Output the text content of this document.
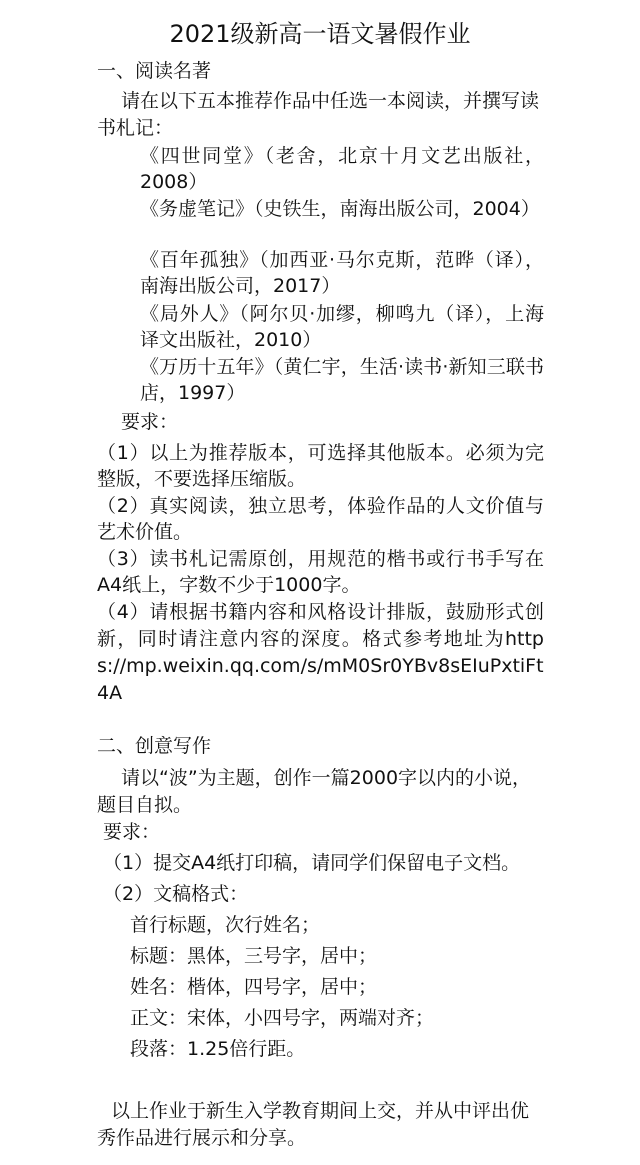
2021级新高一语文暑假作业

一、阅读名著

请在以下五本推荐作品中任选一本阅读，并撰写读书札记：

《四世同堂》（老舍，北京十月文艺出版社，2008）

《务虚笔记》（史铁生，南海出版公司，2004）

《百年孤独》（加西亚·马尔克斯，范晔（译），南海出版公司，2017）

《局外人》（阿尔贝·加缪，柳鸣九（译），上海译文出版社，2010）

《万历十五年》（黄仁宇，生活·读书·新知三联书店，1997）

要求：

（1）以上为推荐版本，可选择其他版本。必须为完整版，不要选择压缩版。

（2）真实阅读，独立思考，体验作品的人文价值与艺术价值。

（3）读书札记需原创，用规范的楷书或行书手写在A4纸上，字数不少于1000字。

（4）请根据书籍内容和风格设计排版，鼓励形式创新，同时请注意内容的深度。格式参考地址为https://mp.weixin.qq.com/s/mM0Sr0YBv8sEIuPxtiFt4A

二、创意写作

请以“波”为主题，创作一篇2000字以内的小说，题目自拟。

要求：

（1）提交A4纸打印稿，请同学们保留电子文档。

（2）文稿格式：

首行标题，次行姓名；

标题：黑体，三号字，居中；

姓名：楷体，四号字，居中；

正文：宋体，小四号字，两端对齐；

段落：1.25倍行距。

以上作业于新生入学教育期间上交，并从中评出优秀作品进行展示和分享。
